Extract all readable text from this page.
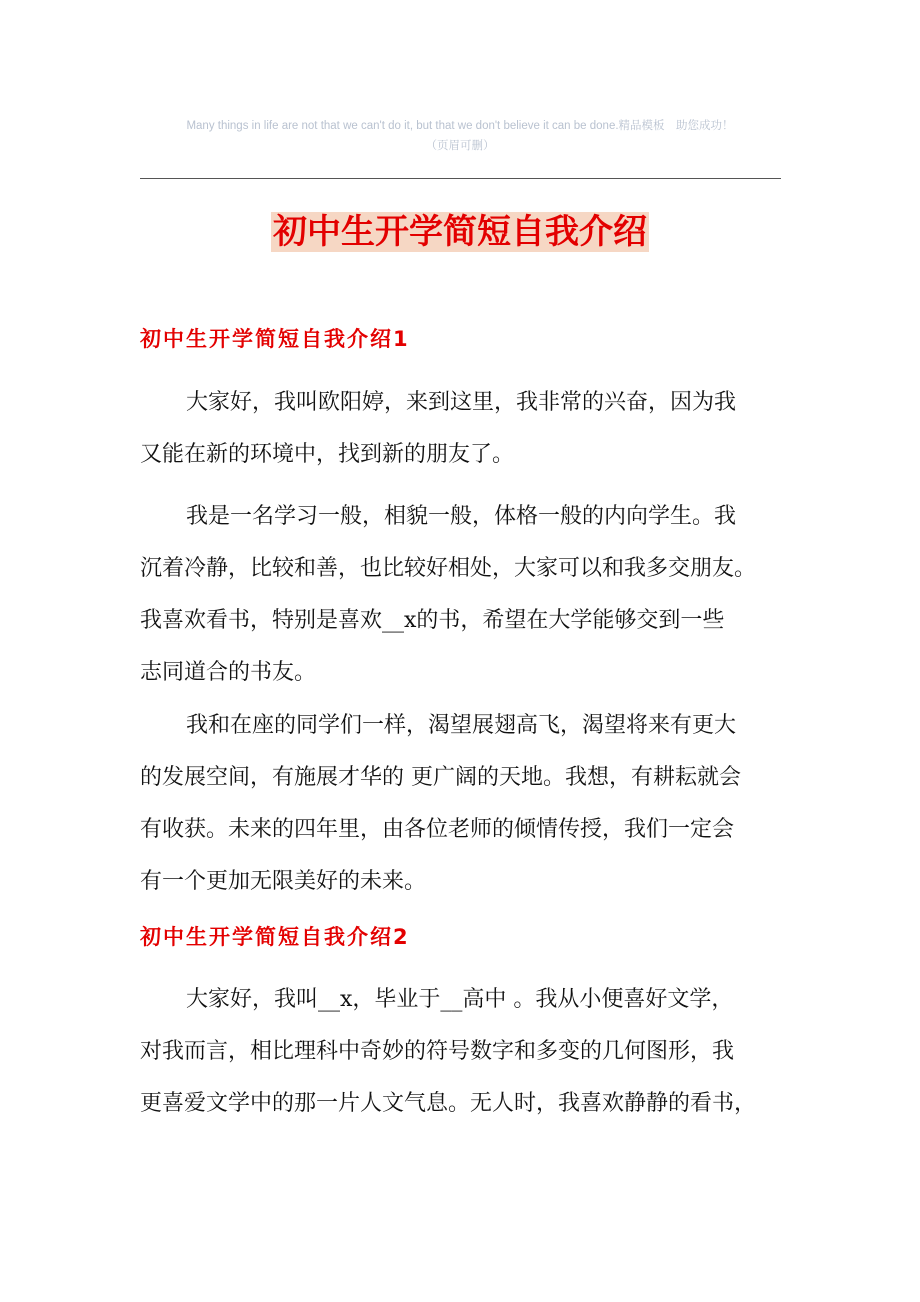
Many things in life are not that we can't do it, but that we don't believe it can be done.精品模板　助您成功！
（页眉可删）
初中生开学简短自我介绍
初中生开学简短自我介绍1
大家好，我叫欧阳婷，来到这里，我非常的兴奋，因为我
又能在新的环境中，找到新的朋友了。
我是一名学习一般，相貌一般，体格一般的内向学生。我
沉着冷静，比较和善，也比较好相处，大家可以和我多交朋友。
我喜欢看书，特别是喜欢__x的书，希望在大学能够交到一些
志同道合的书友。
我和在座的同学们一样，渴望展翅高飞，渴望将来有更大
的发展空间，有施展才华的 更广阔的天地。我想，有耕耘就会
有收获。未来的四年里，由各位老师的倾情传授，我们一定会
有一个更加无限美好的未来。
初中生开学简短自我介绍2
大家好，我叫__x，毕业于__高中 。我从小便喜好文学，
对我而言，相比理科中奇妙的符号数字和多变的几何图形，我
更喜爱文学中的那一片人文气息。无人时，我喜欢静静的看书，
